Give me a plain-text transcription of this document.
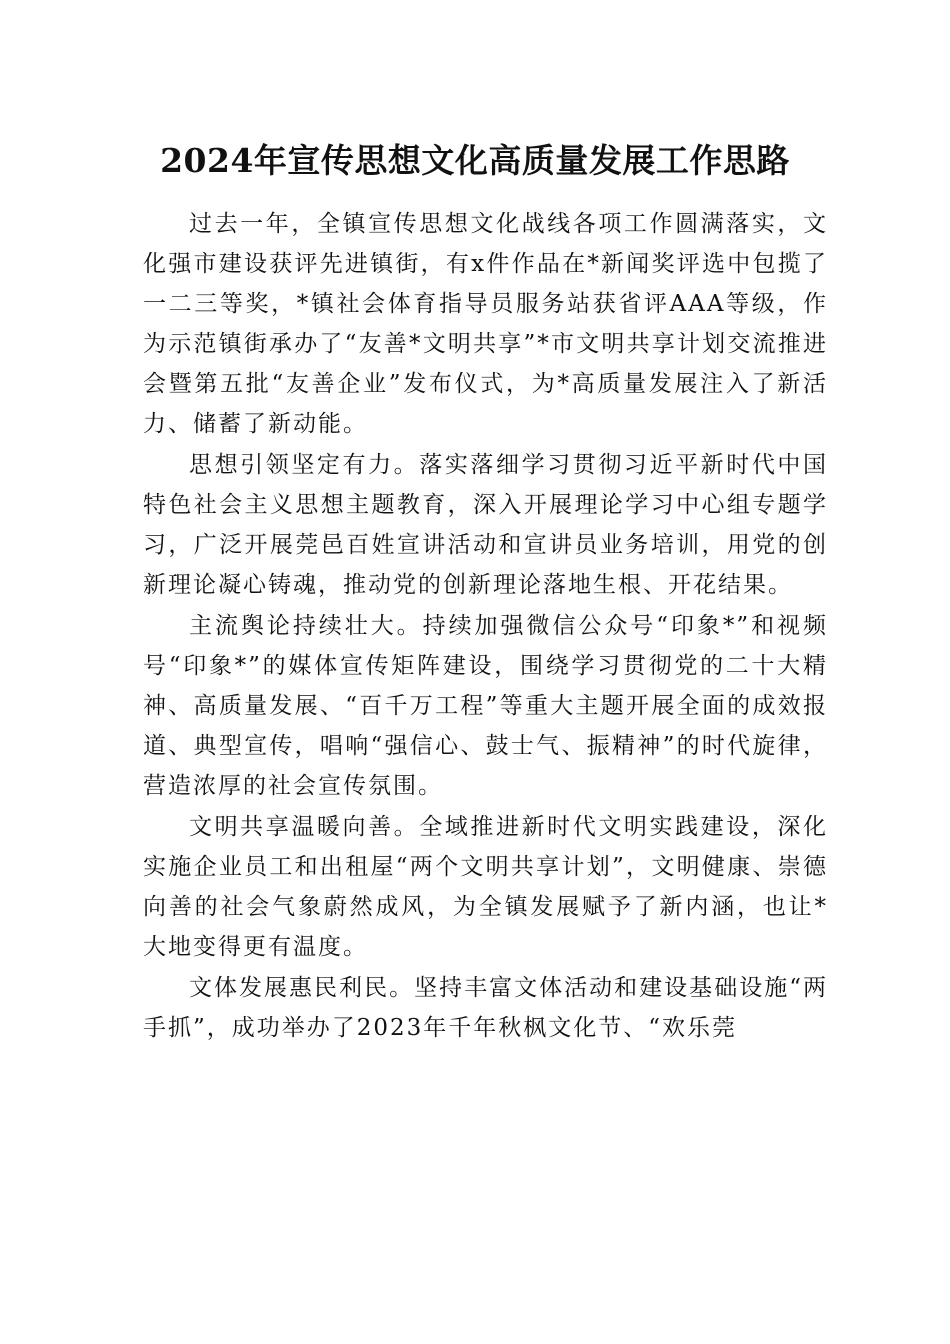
2024年宣传思想文化高质量发展工作思路

过去一年，全镇宣传思想文化战线各项工作圆满落实，文化强市建设获评先进镇街，有x件作品在*新闻奖评选中包揽了一二三等奖，*镇社会体育指导员服务站获省评AAA等级，作为示范镇街承办了“友善*文明共享”*市文明共享计划交流推进会暨第五批“友善企业”发布仪式，为*高质量发展注入了新活力、储蓄了新动能。

思想引领坚定有力。落实落细学习贯彻习近平新时代中国特色社会主义思想主题教育，深入开展理论学习中心组专题学习，广泛开展莞邑百姓宣讲活动和宣讲员业务培训，用党的创新理论凝心铸魂，推动党的创新理论落地生根、开花结果。

主流舆论持续壮大。持续加强微信公众号“印象*”和视频号“印象*”的媒体宣传矩阵建设，围绕学习贯彻党的二十大精神、高质量发展、“百千万工程”等重大主题开展全面的成效报道、典型宣传，唱响“强信心、鼓士气、振精神”的时代旋律，营造浓厚的社会宣传氛围。

文明共享温暖向善。全域推进新时代文明实践建设，深化实施企业员工和出租屋“两个文明共享计划”，文明健康、崇德向善的社会气象蔚然成风，为全镇发展赋予了新内涵，也让*大地变得更有温度。

文体发展惠民利民。坚持丰富文体活动和建设基础设施“两手抓”，成功举办了2023年千年秋枫文化节、“欢乐莞
